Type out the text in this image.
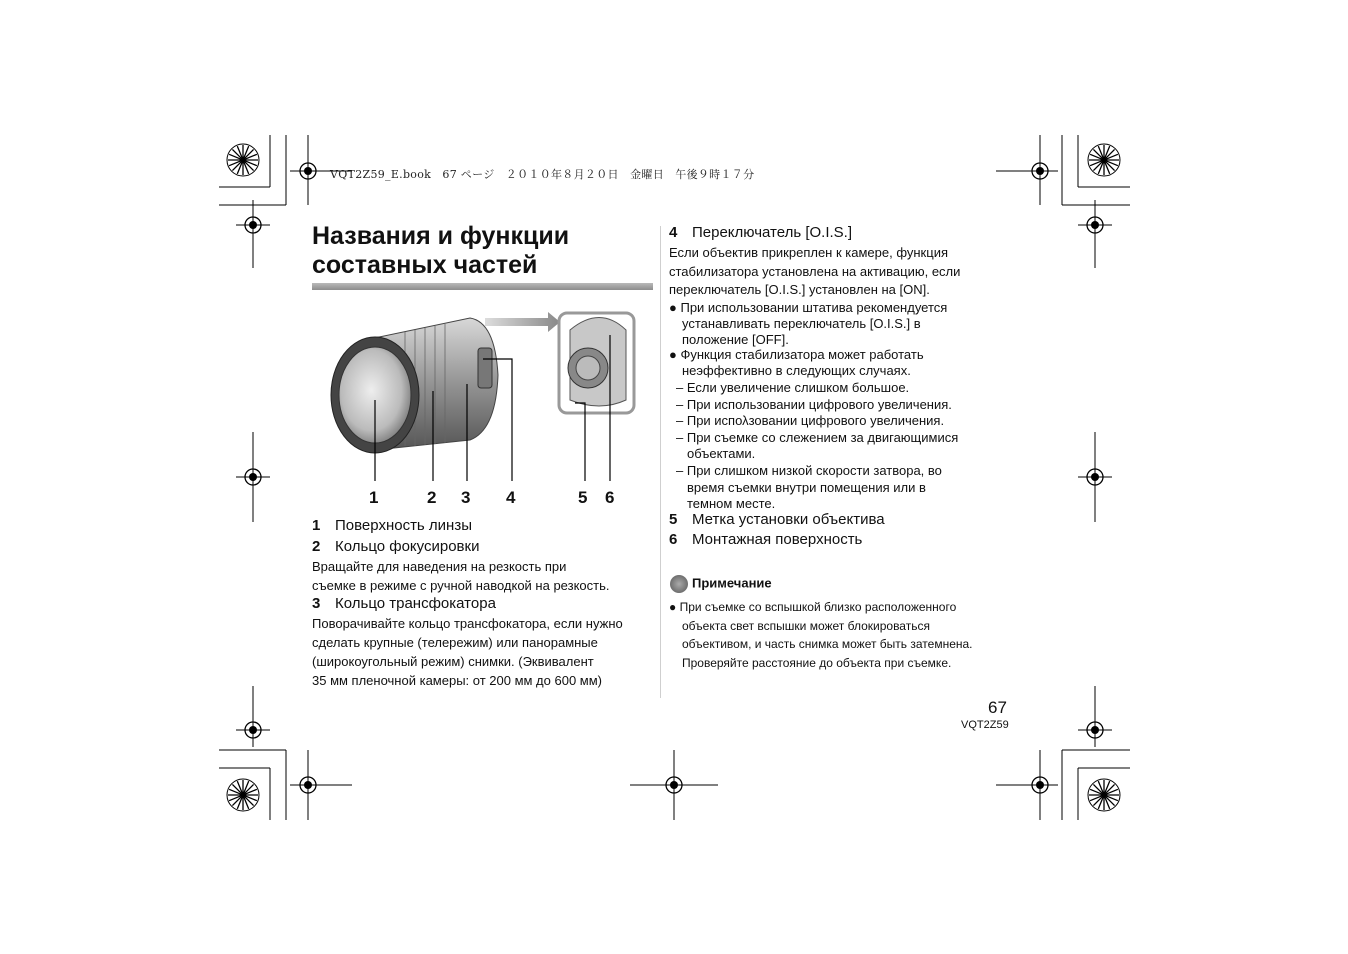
VQT2Z59_E.book　67 ページ　２０１０年８月２０日　金曜日　午後９時１７分
Названия и функции
составных частей
1	2 3 4	5 6
1 Поверхность линзы
2 Кольцо фокусировки
Вращайте для наведения на резкость при
съемке в режиме с ручной наводкой на резкость.
3 Кольцо трансфокатора
Поворачивайте кольцо трансфокатора, если нужно
сделать крупные (телережим) или панорамные
(широкоугольный режим) снимки. (Эквивалент
35 мм пленочной камеры: от 200 мм до 600 мм)
4 Переключатель [O.I.S.]
Если объектив прикреплен к камере, функция
стабилизатора установлена на активацию, если
переключатель [O.I.S.] установлен на [ON].
● При использовании штатива рекомендуется
устанавливать переключатель [O.I.S.] в
положение [OFF].
● Функция стабилизатора может работать
неэффективно в следующих случаях.
– Если увеличение слишком большое.
– При использовании цифрового увеличения.
– При испολзовании цифрового увеличения.
– При съемке со слежением за двигающимися
объектами.
– При слишком низкой скорости затвора, во
время съемки внутри помещения или в
темном месте.
5 Метка установки объектива
6 Монтажная поверхность
Примечание
● При съемке со вспышкой близко расположенного
объекта свет вспышки может блокироваться
объективом, и часть снимка может быть затемнена.
Проверяйте расстояние до объекта при съемке.
67
VQT2Z59
